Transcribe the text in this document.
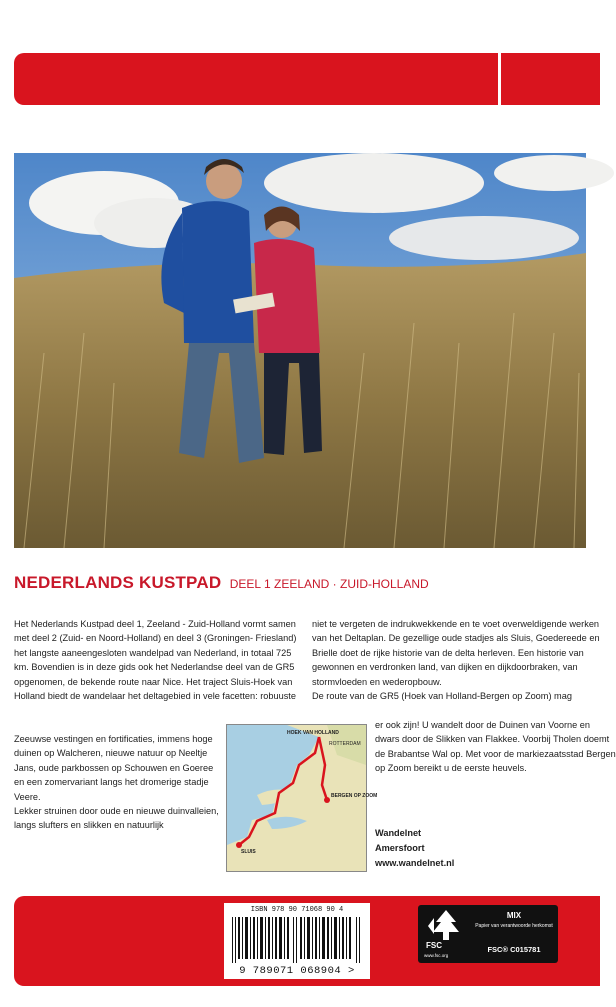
NEDERLANDS KUSTPAD DEEL 1 ZEELAND · ZUID-HOLLAND

Het Nederlands Kustpad deel 1, Zeeland - Zuid-Holland vormt samen met deel 2 (Zuid- en Noord-Holland) en deel 3 (Groningen- Friesland) het langste aaneengesloten wandelpad van Nederland, in totaal 725 km. Bovendien is in deze gids ook het Nederlandse deel van de GR5 opgenomen, de bekende route naar Nice. Het traject Sluis-Hoek van Holland biedt de wandelaar het deltagebied in vele facetten: robuuste

Zeeuwse vestingen en fortificaties, immens hoge duinen op Walcheren, nieuwe natuur op Neeltje Jans, oude parkbossen op Schouwen en Goeree en een zomervariant langs het dromerige stadje Veere.

Lekker struinen door oude en nieuwe duinvalleien, langs slufters en slikken en natuurlijk

niet te vergeten de indrukwekkende en te voet overweldigende werken van het Deltaplan. De gezellige oude stadjes als Sluis, Goedereede en Brielle doet de rijke historie van de delta herleven. Een historie van gewonnen en verdronken land, van dijken en dijkdoorbraken, van stormvloeden en wederopbouw.

De route van de GR5 (Hoek van Holland-Bergen op Zoom) mag

er ook zijn! U wandelt door de Duinen van Voorne en dwars door de Slikken van Flakkee. Voorbij Tholen doemt de Brabantse Wal op. Met voor de markiezaatsstad Bergen op Zoom bereikt u de eerste heuvels.

Wandelnet
Amersfoort
www.wandelnet.nl
HOEK VAN HOLLAND
ROTTERDAM
BERGEN OP ZOOM
SLUIS
ISBN 978 90 71068 90 4
9 789071 068904 >
FSC
www.fsc.org
MIX
Papier van verantwoorde herkomst
FSC® C015781
